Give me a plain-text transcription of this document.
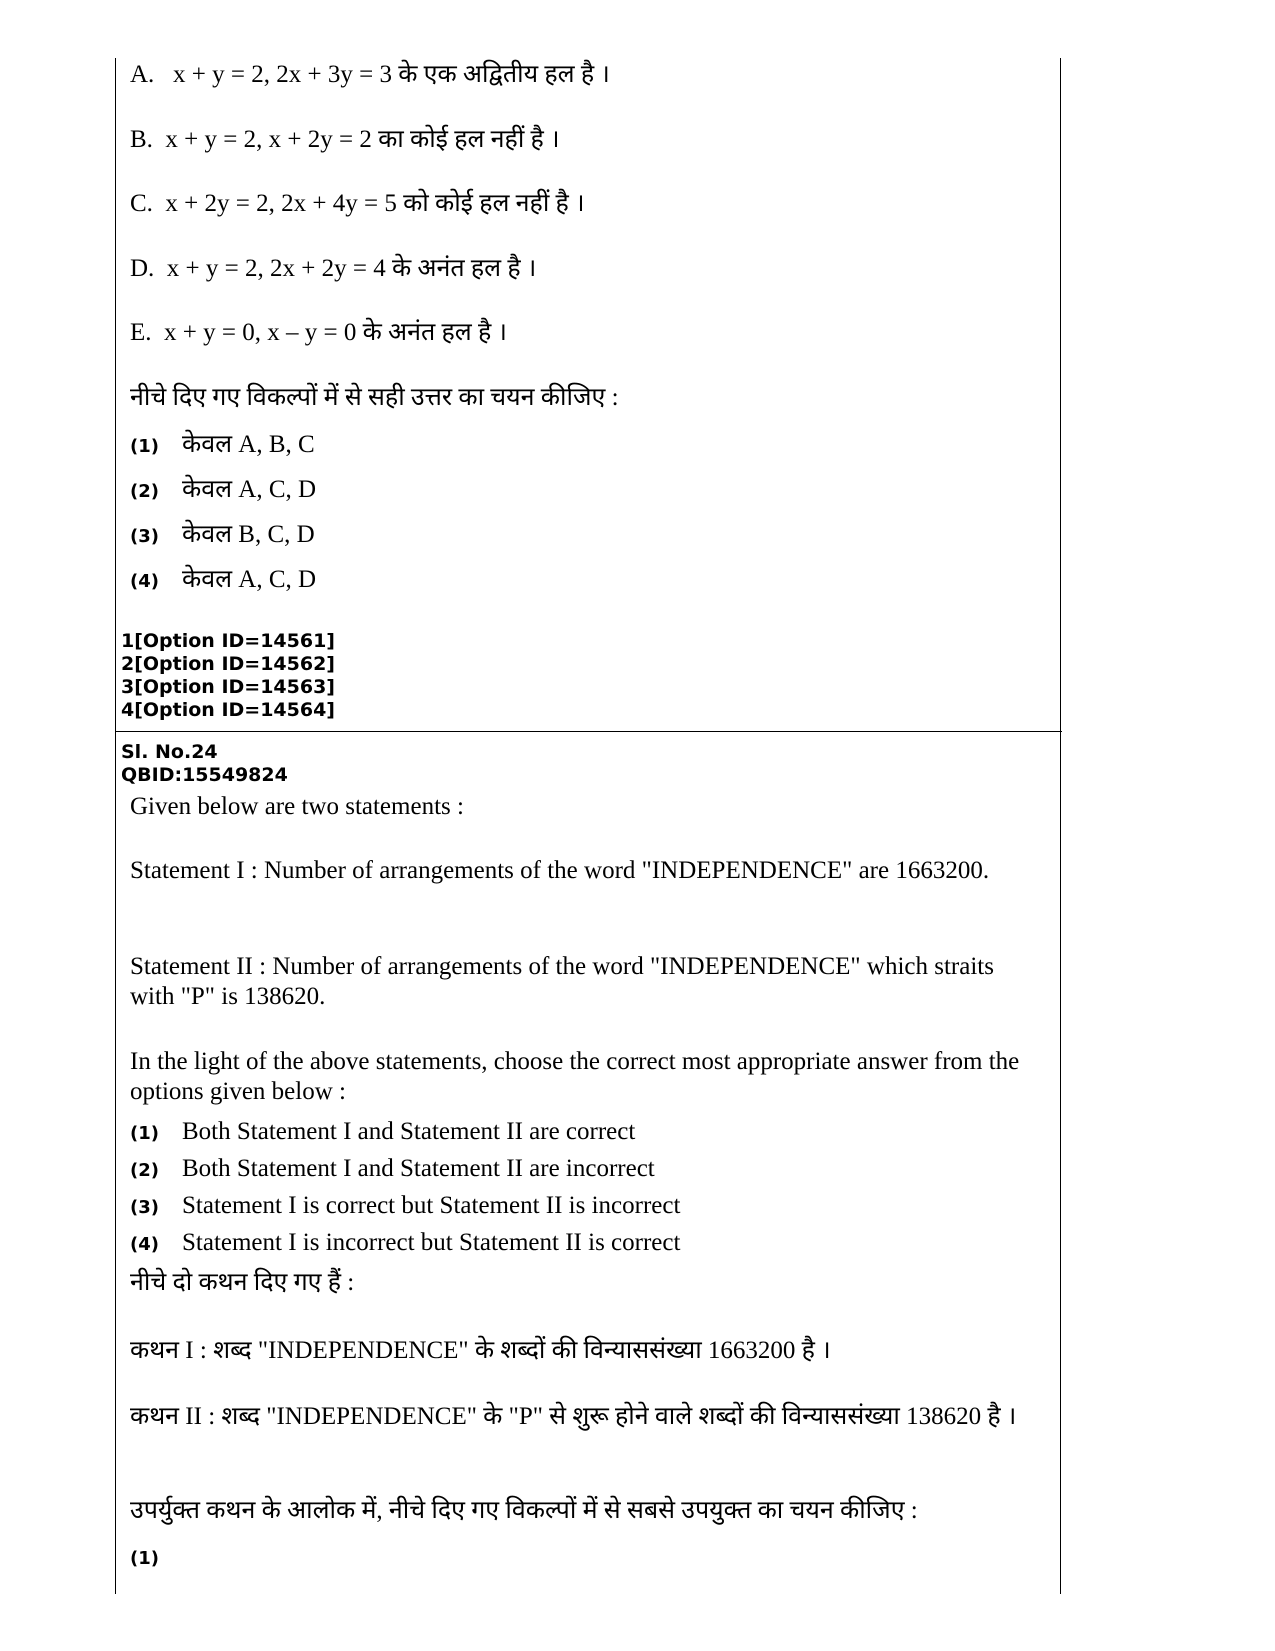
A.   x + y = 2, 2x + 3y = 3 के एक अद्वितीय हल है ।
B.  x + y = 2, x + 2y = 2 का कोई हल नहीं है ।
C.  x + 2y = 2, 2x + 4y = 5 को कोई हल नहीं है ।
D.  x + y = 2, 2x + 2y = 4 के अनंत हल है ।
E.  x + y = 0, x – y = 0 के अनंत हल है ।
नीचे दिए गए विकल्पों में से सही उत्तर का चयन कीजिए :
(1) केवल A, B, C
(2) केवल A, C, D
(3) केवल B, C, D
(4) केवल A, C, D
1[Option ID=14561]
2[Option ID=14562]
3[Option ID=14563]
4[Option ID=14564]
Sl. No.24
QBID:15549824
Given below are two statements :
Statement I : Number of arrangements of the word "INDEPENDENCE" are 1663200.
Statement II : Number of arrangements of the word "INDEPENDENCE" which straits with "P" is 138620.
In the light of the above statements, choose the correct most appropriate answer from the options given below :
(1) Both Statement I and Statement II are correct
(2) Both Statement I and Statement II are incorrect
(3) Statement I is correct but Statement II is incorrect
(4) Statement I is incorrect but Statement II is correct
नीचे दो कथन दिए गए हैं :
कथन I : शब्द "INDEPENDENCE" के शब्दों की विन्याससंख्या 1663200 है ।
कथन II : शब्द "INDEPENDENCE" के "P" से शुरू होने वाले शब्दों की विन्याससंख्या 138620 है ।
उपर्युक्त कथन के आलोक में, नीचे दिए गए विकल्पों में से सबसे उपयुक्त का चयन कीजिए :
(1)
